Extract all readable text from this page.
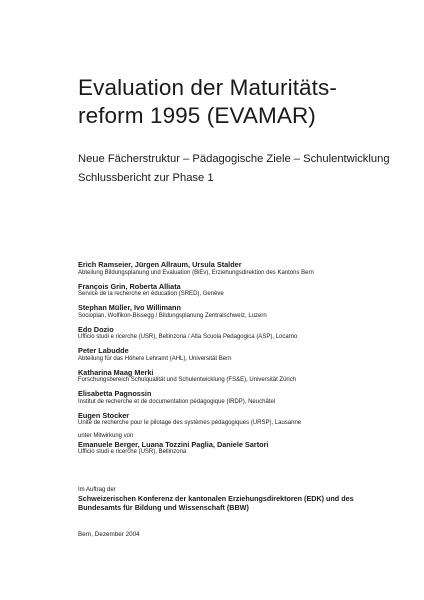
Evaluation der Maturitäts-
reform 1995 (EVAMAR)
Neue Fächerstruktur – Pädagogische Ziele – Schulentwicklung
Schlussbericht zur Phase 1
Erich Ramseier, Jürgen Allraum, Ursula Stalder
Abteilung Bildungsplanung und Evaluation (BiEv), Erziehungsdirektion des Kantons Bern
François Grin, Roberta Alliata
Service de la recherche en éducation (SRED), Genève
Stephan Müller, Ivo Willimann
Socioplan, Wolfikon-Bissegg / Bildungsplanung Zentralschweiz, Luzern
Edo Dozio
Ufficio studi e ricerche (USR), Bellinzona / Alta Scuola Pedagogica (ASP), Locarno
Peter Labudde
Abteilung für das Höhere Lehramt (AHL), Universität Bern
Katharina Maag Merki
Forschungsbereich Schulqualität und Schulentwicklung (FS&E), Universität Zürich
Elisabetta Pagnossin
Institut de recherche et de documentation pédagogique (IRDP), Neuchâtel
Eugen Stocker
Unité de recherche pour le pilotage des systèmes pédagogiques (URSP), Lausanne
unter Mitwirkung von
Emanuele Berger, Luana Tozzini Paglia, Daniele Sartori
Ufficio studi e ricerche (USR), Bellinzona
Im Auftrag der
Schweizerischen Konferenz der kantonalen Erziehungsdirektoren (EDK) und des
Bundesamts für Bildung und Wissenschaft (BBW)
Bern, Dezember 2004
